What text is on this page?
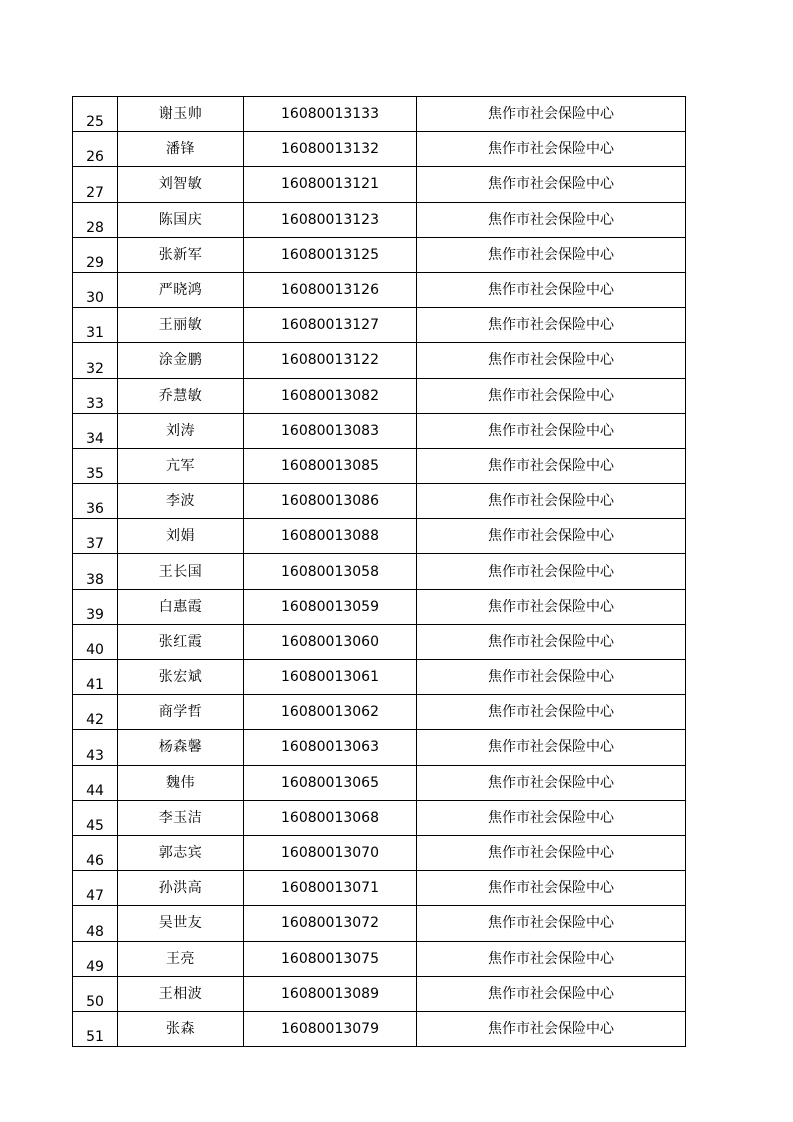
25	谢玉帅	16080013133	焦作市社会保险中心
26	潘锋	16080013132	焦作市社会保险中心
27	刘智敏	16080013121	焦作市社会保险中心
28	陈国庆	16080013123	焦作市社会保险中心
29	张新军	16080013125	焦作市社会保险中心
30	严晓鸿	16080013126	焦作市社会保险中心
31	王丽敏	16080013127	焦作市社会保险中心
32	涂金鹏	16080013122	焦作市社会保险中心
33	乔慧敏	16080013082	焦作市社会保险中心
34	刘涛	16080013083	焦作市社会保险中心
35	亢军	16080013085	焦作市社会保险中心
36	李波	16080013086	焦作市社会保险中心
37	刘娟	16080013088	焦作市社会保险中心
38	王长国	16080013058	焦作市社会保险中心
39	白惠霞	16080013059	焦作市社会保险中心
40	张红霞	16080013060	焦作市社会保险中心
41	张宏斌	16080013061	焦作市社会保险中心
42	商学哲	16080013062	焦作市社会保险中心
43	杨森馨	16080013063	焦作市社会保险中心
44	魏伟	16080013065	焦作市社会保险中心
45	李玉洁	16080013068	焦作市社会保险中心
46	郭志宾	16080013070	焦作市社会保险中心
47	孙洪高	16080013071	焦作市社会保险中心
48	吴世友	16080013072	焦作市社会保险中心
49	王亮	16080013075	焦作市社会保险中心
50	王相波	16080013089	焦作市社会保险中心
51	张森	16080013079	焦作市社会保险中心
